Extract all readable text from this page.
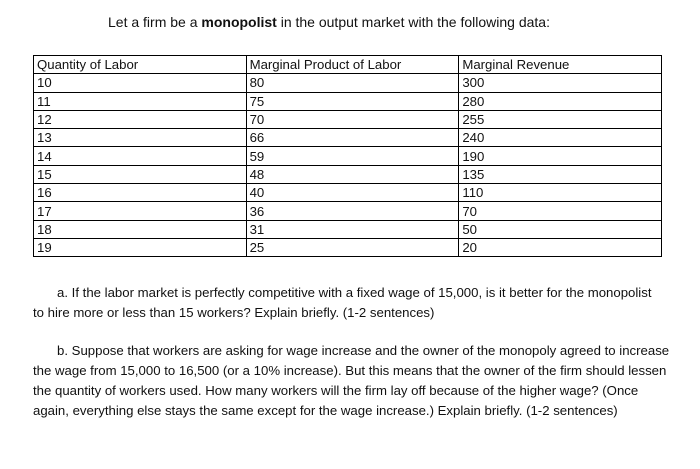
Let a firm be a monopolist in the output market with the following data:

Quantity of Labor	Marginal Product of Labor	Marginal Revenue
10	80	300
11	75	280
12	70	255
13	66	240
14	59	190
15	48	135
16	40	110
17	36	70
18	31	50
19	25	20

a. If the labor market is perfectly competitive with a fixed wage of 15,000, is it better for the monopolist to hire more or less than 15 workers? Explain briefly. (1-2 sentences)

b. Suppose that workers are asking for wage increase and the owner of the monopoly agreed to increase the wage from 15,000 to 16,500 (or a 10% increase). But this means that the owner of the firm should lessen the quantity of workers used. How many workers will the firm lay off because of the higher wage? (Once again, everything else stays the same except for the wage increase.) Explain briefly. (1-2 sentences)
